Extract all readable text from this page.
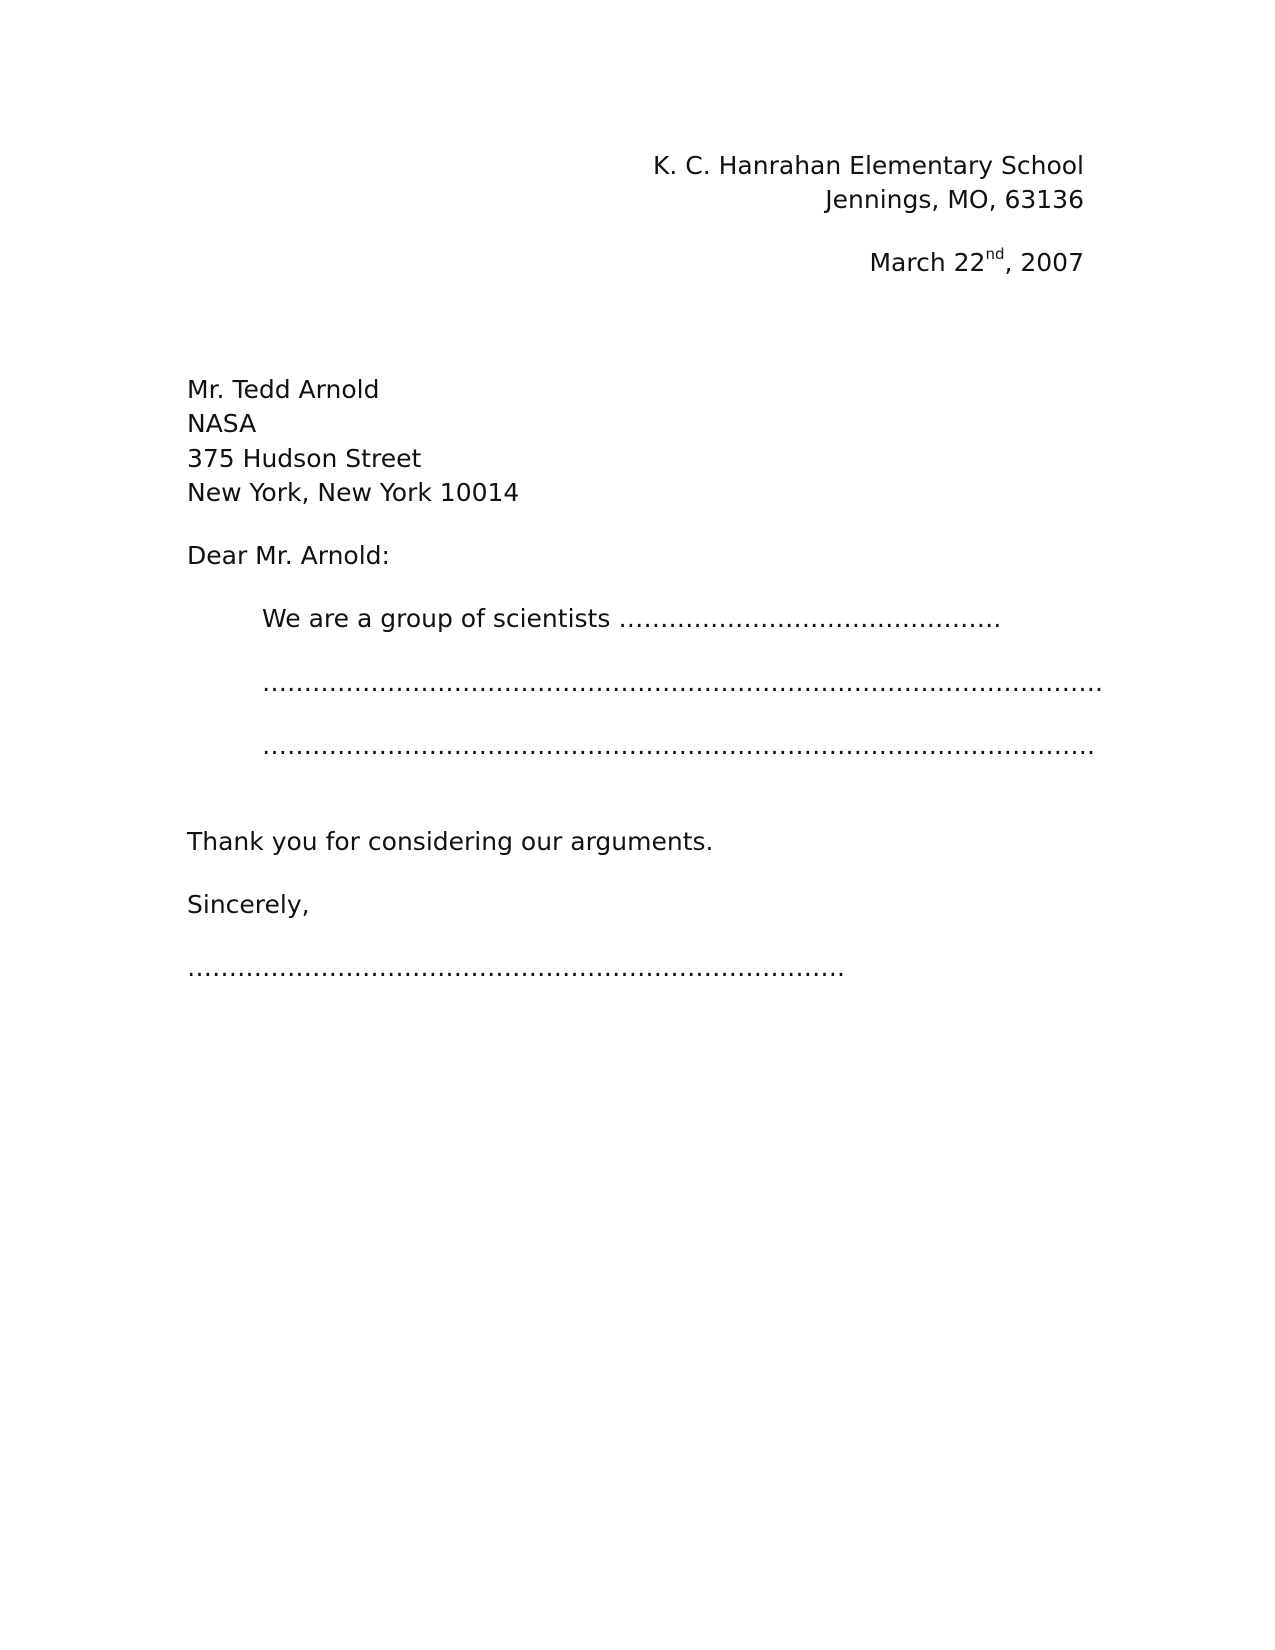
K. C. Hanrahan Elementary School
Jennings, MO, 63136
March 22nd, 2007
Mr. Tedd Arnold
NASA
375 Hudson Street
New York, New York 10014
Dear Mr. Arnold:
We are a group of scientists ……………………………………….
……………………………………………………………………….……………….
……………………………………………………………………………………….
Thank you for considering our arguments.
Sincerely,
…………………………………………………………………….
